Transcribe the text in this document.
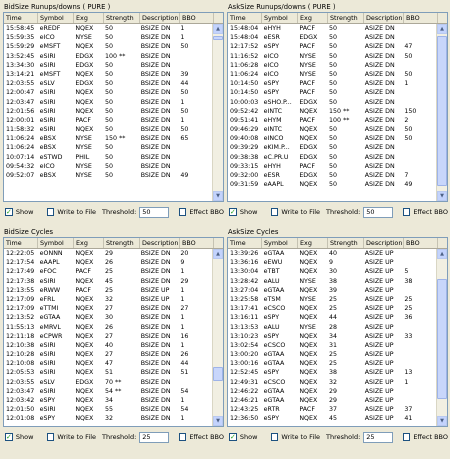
BidSize Runups/downs ( PURE )
Time	Symbol	Exg	Strength	Description BBO
15:58:45 eREDF	NQEX	50	BSIZE DN	1
15:59:35 eICO	NYSE	50	BSIZE DN	1
15:59:29 eMSFT	NQEX	50	BSIZE DN	50
13:52:45 eSIRI	EDGX	100 **	BSIZE DN
13:34:30 eSIRI	EDGX	50	BSIZE DN
13:14:21 eMSFT	NQEX	50	BSIZE DN	39
12:03:55 eSLV	EDGX	50	BSIZE DN	44
12:00:47 eSIRI	NQEX	50	BSIZE DN	50
12:03:47 eSIRI	NQEX	50	BSIZE DN	1
12:01:56 eSIRI	NQEX	50	BSIZE DN	50
12:00:01 eSIRI	PACF	50	BSIZE DN	1
11:58:32 eSIRI	NQEX	50	BSIZE DN	50
11:06:24 eBSX	NYSE	150 **	BSIZE DN	65
11:06:24 eBSX	NYSE	50	BSIZE DN
10:07:14 eSTWD	PHIL	50	BSIZE DN
09:54:32 eICO	NYSE	50	BSIZE DN
09:52:07 eBSX	NYSE	50	BSIZE DN	49
▲
▼
✓ Show	Write to File Threshold: 50	Effect BBO
AskSize Runups/downs ( PURE )
Time	Symbol	Exg	Strength	Description BBO
15:48:04 eHYH	PACF	50	ASIZE DN
15:48:04 eESR	EDGX	50	ASIZE DN
12:17:52 eSPY	PACF	50	ASIZE DN	47
11:16:52 eICO	NYSE	50	ASIZE DN	50
11:06:28 eICO	NYSE	50	ASIZE DN
11:06:24 eICO	NYSE	50	ASIZE DN	50
10:14:50 eSPY	PACF	50	ASIZE DN	1
10:14:50 eSPY	PACF	50	ASIZE DN
10:00:03 eSHO.P...	EDGX	50	ASIZE DN
09:52:42 eINTC	NQEX	150 **	ASIZE DN	150
09:51:41 eHYM	PACF	100 **	ASIZE DN	2
09:46:29 eINTC	NQEX	50	ASIZE DN	50
09:40:08 eINCO	NQEX	50	ASIZE DN	50
09:39:29 eKIM.P...	EDGX	50	ASIZE DN
09:38:38 eC.PR.U	EDGX	50	ASIZE DN
09:33:15 eHYH	PACF	50	ASIZE DN
09:32:00 eESR	EDGX	50	ASIZE DN	7
09:31:59 eAAPL	NQEX	50	ASIZE DN	49
▲
▼
✓ Show	Write to File Threshold: 50	Effect BBO
BidSize Cycles
Time	Symbol	Exg	Strength	Description BBO
12:22:05 eONNN	NQEX	29	BSIZE DN	20
12:17:54 eAAPL	NQEX	26	BSIZE DN	9
12:17:49 eFOC	PACF	25	BSIZE DN	1
12:17:38 eSIRI	NQEX	45	BSIZE DN	29
12:13:55 eRWW	PACF	25	BSIZE UP	1
12:17:09 eFRL	NQEX	32	BSIZE UP	1
12:17:09 eTTMI	NQEX	27	BSIZE DN	27
12:13:52 eGTAA	NQEX	30	BSIZE DN	1
11:55:13 eMRVL	NQEX	26	BSIZE DN	1
12:11:18 eCPWR	NQEX	27	BSIZE DN	16
12:10:38 eSIRI	NQEX	40	BSIZE DN	1
12:10:28 eSIRI	NQEX	27	BSIZE DN	26
12:10:08 eSIRI	NQEX	47	BSIZE DN	44
12:05:53 eSIRI	NQEX	51	BSIZE DN	51
12:03:55 eSLV	EDGX	70 **	BSIZE DN
12:03:47 eSIRI	NQEX	54 **	BSIZE DN	54
12:03:42 eSPY	NQEX	34	BSIZE DN	1
12:01:50 eSIRI	NQEX	55	BSIZE DN	54
12:01:08 eSPY	NQEX	32	BSIZE DN	1
▲
▼
✓ Show	Write to File Threshold: 25	Effect BBO
AskSize Cycles
Time	Symbol	Exg	Strength	Description BBO
13:39:26 eGTAA	NQEX	40	ASIZE UP
13:36:16 eEWU	NQEX	9	ASIZE UP
13:30:04 eTBT	NQEX	30	ASIZE UP	5
13:28:42 eALU	NYSE	38	ASIZE UP	38
13:27:04 eGTAA	NQEX	39	ASIZE UP
13:25:58 eTSM	NYSE	25	ASIZE UP	25
13:17:41 eCSCO	NQEX	25	ASIZE UP	25
13:16:11 eSPY	NQEX	44	ASIZE UP	36
13:13:53 eALU	NYSE	28	ASIZE UP
13:10:23 eSPY	NQEX	34	ASIZE UP	33
13:02:54 eCSCO	NQEX	31	ASIZE UP
13:00:20 eGTAA	NQEX	25	ASIZE UP
13:00:16 eGTAA	NQEX	25	ASIZE UP
12:52:45 eSPY	NQEX	38	ASIZE UP	13
12:49:31 eCSCO	NQEX	32	ASIZE UP	1
12:46:22 eGTAA	NQEX	29	ASIZE UP
12:46:21 eGTAA	NQEX	29	ASIZE UP
12:43:25 eRTR	PACF	37	ASIZE UP	37
12:36:50 eSPY	NQEX	45	ASIZE UP	41
▲
▼
✓ Show	Write to File Threshold: 25	Effect BBO
